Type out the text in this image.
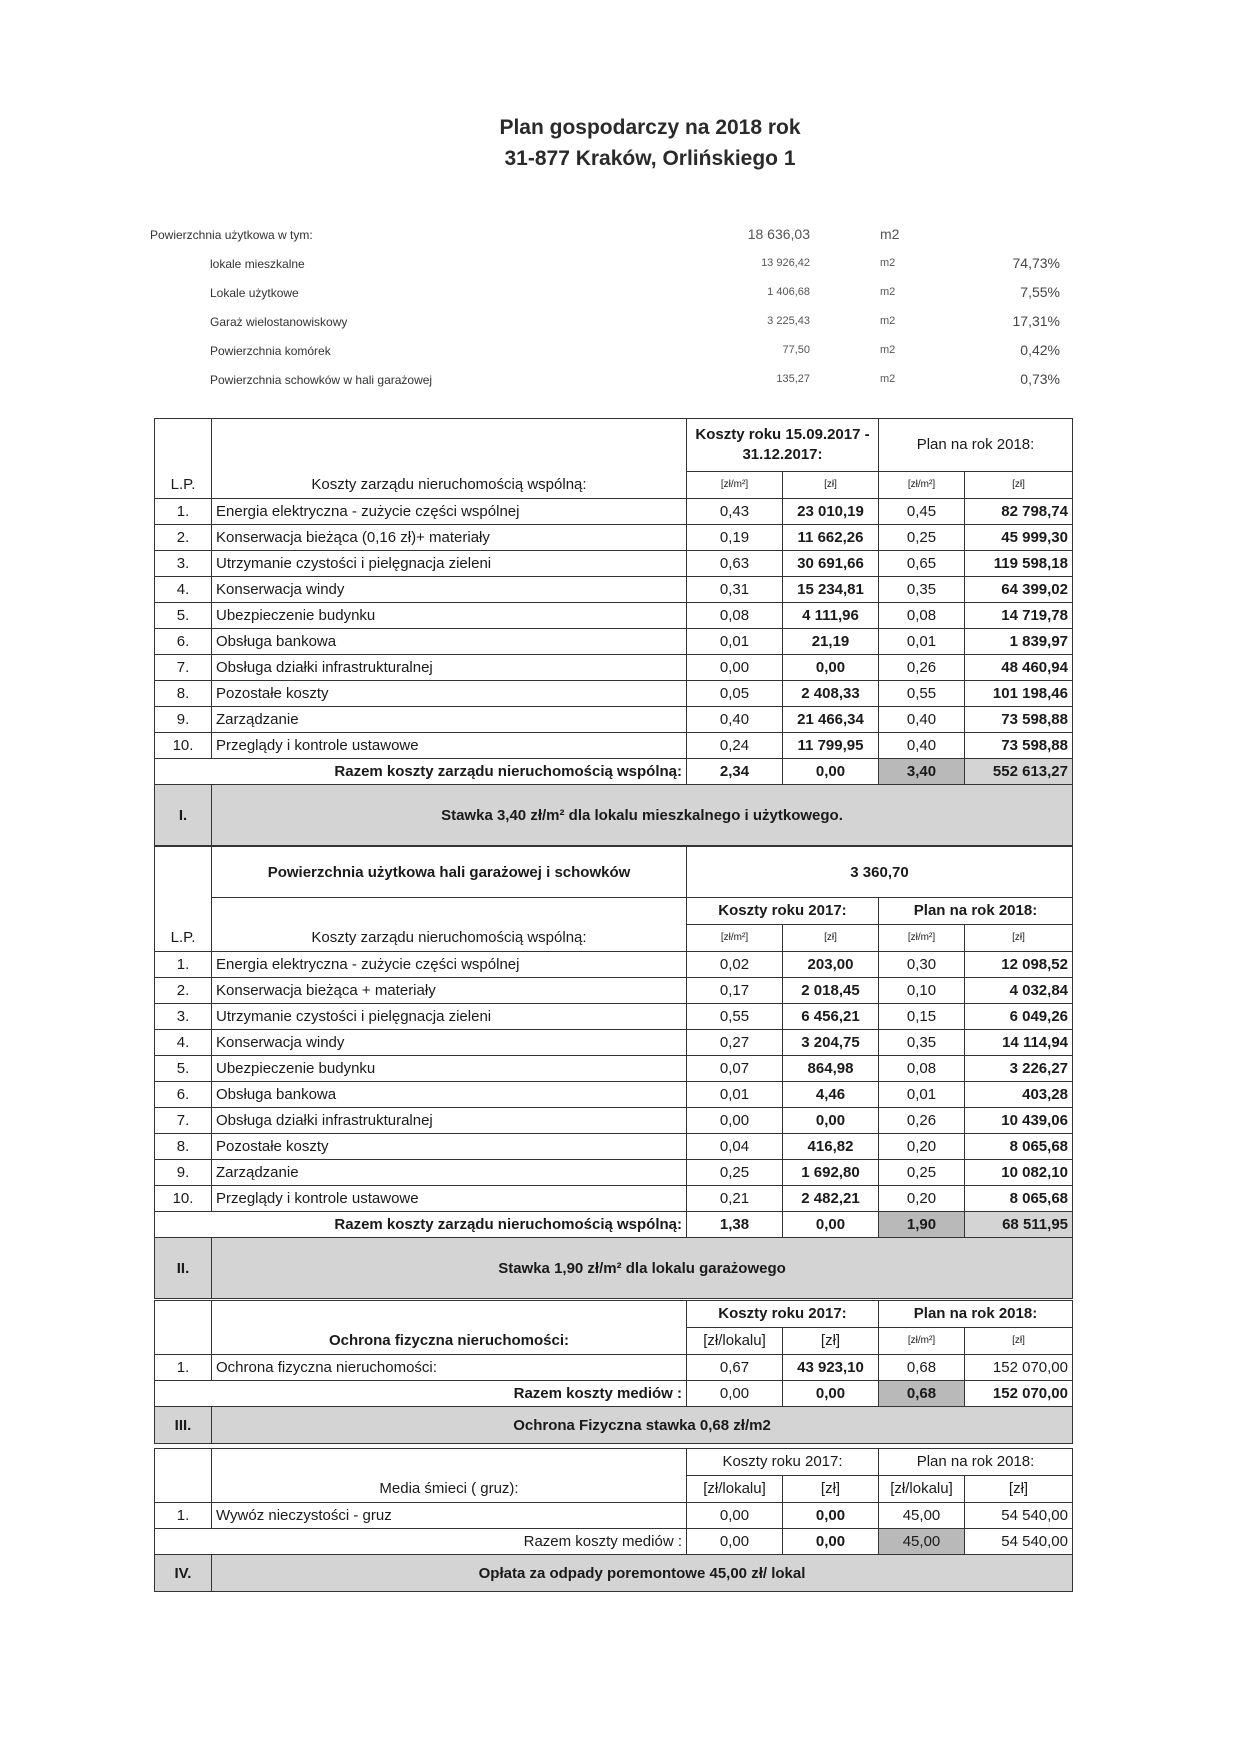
Plan gospodarczy na 2018 rok
31-877 Kraków, Orlińskiego 1
Powierzchnia użytkowa w tym:	18 636,03	m2
lokale mieszkalne	13 926,42	m2	74,73%
Lokale użytkowe	1 406,68	m2	7,55%
Garaż wielostanowiskowy	3 225,43	m2	17,31%
Powierzchnia komórek	77,50	m2	0,42%
Powierzchnia schowków w hali garażowej	135,27	m2	0,73%
		Koszty roku 15.09.2017 - 31.12.2017:		Plan na rok 2018:	
L.P.	Koszty zarządu nieruchomością wspólną:	[zł/m²]	[zł]	[zł/m²]	[zł]
1.	Energia elektryczna - zużycie części wspólnej	0,43	23 010,19	0,45	82 798,74
2.	Konserwacja bieżąca (0,16 zł)+ materiały	0,19	11 662,26	0,25	45 999,30
3.	Utrzymanie czystości i pielęgnacja zieleni	0,63	30 691,66	0,65	119 598,18
4.	Konserwacja windy	0,31	15 234,81	0,35	64 399,02
5.	Ubezpieczenie budynku	0,08	4 111,96	0,08	14 719,78
6.	Obsługa bankowa	0,01	21,19	0,01	1 839,97
7.	Obsługa działki infrastrukturalnej	0,00	0,00	0,26	48 460,94
8.	Pozostałe koszty	0,05	2 408,33	0,55	101 198,46
9.	Zarządzanie	0,40	21 466,34	0,40	73 598,88
10.	Przeglądy i kontrole ustawowe	0,24	11 799,95	0,40	73 598,88
Razem koszty zarządu nieruchomością wspólną:		2,34	0,00	3,40	552 613,27
I.	Stawka 3,40 zł/m² dla lokalu mieszkalnego i użytkowego.				
	Powierzchnia użytkowa hali garażowej i schowków	3 360,70			
		Koszty roku 2017:		Plan na rok 2018:	
L.P.	Koszty zarządu nieruchomością wspólną:	[zł/m²]	[zł]	[zł/m²]	[zł]
1.	Energia elektryczna - zużycie części wspólnej	0,02	203,00	0,30	12 098,52
2.	Konserwacja bieżąca + materiały	0,17	2 018,45	0,10	4 032,84
3.	Utrzymanie czystości i pielęgnacja zieleni	0,55	6 456,21	0,15	6 049,26
4.	Konserwacja windy	0,27	3 204,75	0,35	14 114,94
5.	Ubezpieczenie budynku	0,07	864,98	0,08	3 226,27
6.	Obsługa bankowa	0,01	4,46	0,01	403,28
7.	Obsługa działki infrastrukturalnej	0,00	0,00	0,26	10 439,06
8.	Pozostałe koszty	0,04	416,82	0,20	8 065,68
9.	Zarządzanie	0,25	1 692,80	0,25	10 082,10
10.	Przeglądy i kontrole ustawowe	0,21	2 482,21	0,20	8 065,68
Razem koszty zarządu nieruchomością wspólną:		1,38	0,00	1,90	68 511,95
II.	Stawka 1,90 zł/m² dla lokalu garażowego				
		Koszty roku 2017:		Plan na rok 2018:	
	Ochrona fizyczna nieruchomości:	[zł/lokalu]	[zł]	[zł/m²]	[zł]
1.	Ochrona fizyczna nieruchomości:	0,67	43 923,10	0,68	152 070,00
Razem koszty mediów :		0,00	0,00	0,68	152 070,00
III.	Ochrona Fizyczna stawka 0,68 zł/m2				
		Koszty roku 2017:		Plan na rok 2018:	
	Media śmieci ( gruz):	[zł/lokalu]	[zł]	[zł/lokalu]	[zł]
1.	Wywóz nieczystości - gruz	0,00	0,00	45,00	54 540,00
Razem koszty mediów :		0,00	0,00	45,00	54 540,00
IV.	Opłata za odpady poremontowe 45,00 zł/ lokal				
